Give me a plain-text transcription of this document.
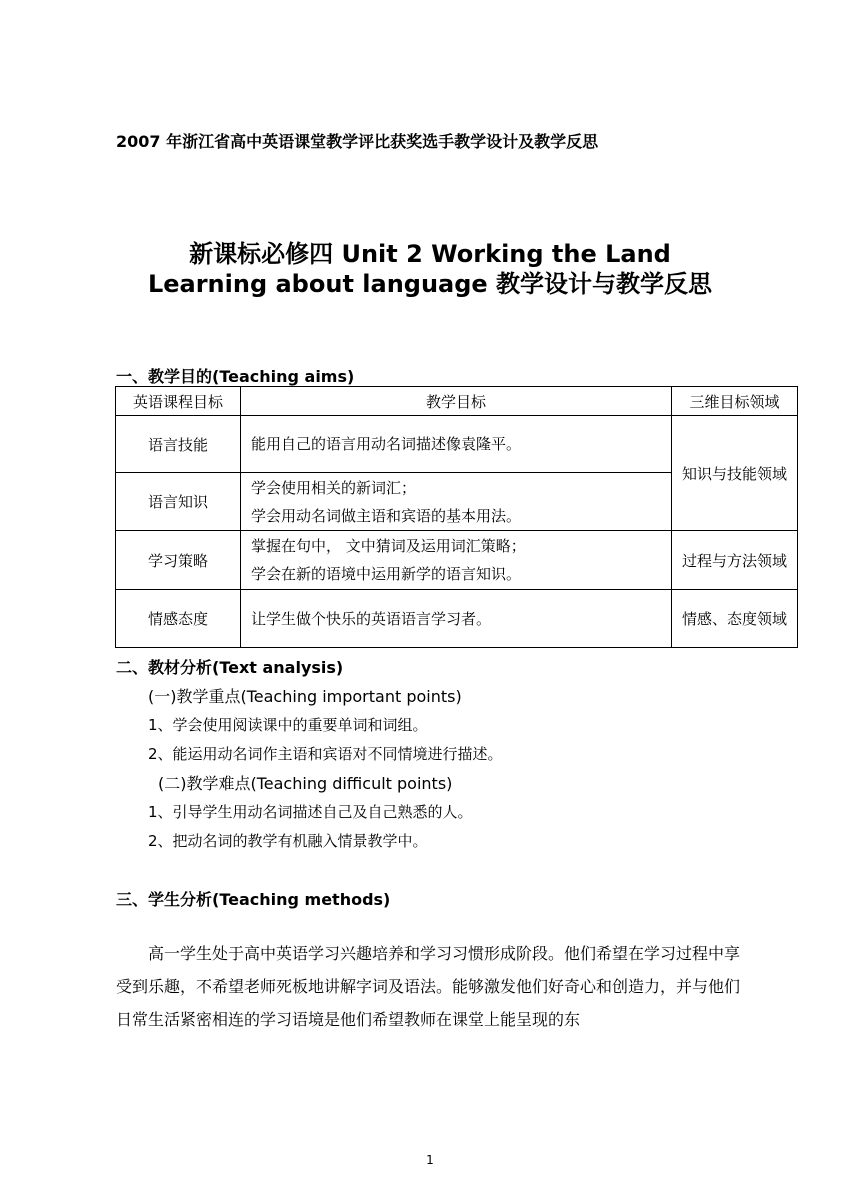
2007 年浙江省高中英语课堂教学评比获奖选手教学设计及教学反思
新课标必修四 Unit 2 Working the Land
Learning about language 教学设计与教学反思
一、教学目的(Teaching aims)
英语课程目标	教学目标	三维目标领域
语言技能	能用自己的语言用动名词描述像袁隆平。	知识与技能领域
语言知识	学会使用相关的新词汇；
学会用动名词做主语和宾语的基本用法。	

学习策略	掌握在句中， 文中猜词及运用词汇策略；
学会在新的语境中运用新学的语言知识。	过程与方法领域
情感态度	让学生做个快乐的英语语言学习者。	情感、态度领域
二、教材分析(Text analysis)
(一)教学重点(Teaching important points)
1、学会使用阅读课中的重要单词和词组。
2、能运用动名词作主语和宾语对不同情境进行描述。
(二)教学难点(Teaching difficult points)
1、引导学生用动名词描述自己及自己熟悉的人。
2、把动名词的教学有机融入情景教学中。
三、学生分析(Teaching methods)
高一学生处于高中英语学习兴趣培养和学习习惯形成阶段。他们希望在学习过程中享受到乐趣，不希望老师死板地讲解字词及语法。能够激发他们好奇心和创造力，并与他们日常生活紧密相连的学习语境是他们希望教师在课堂上能呈现的东
1
